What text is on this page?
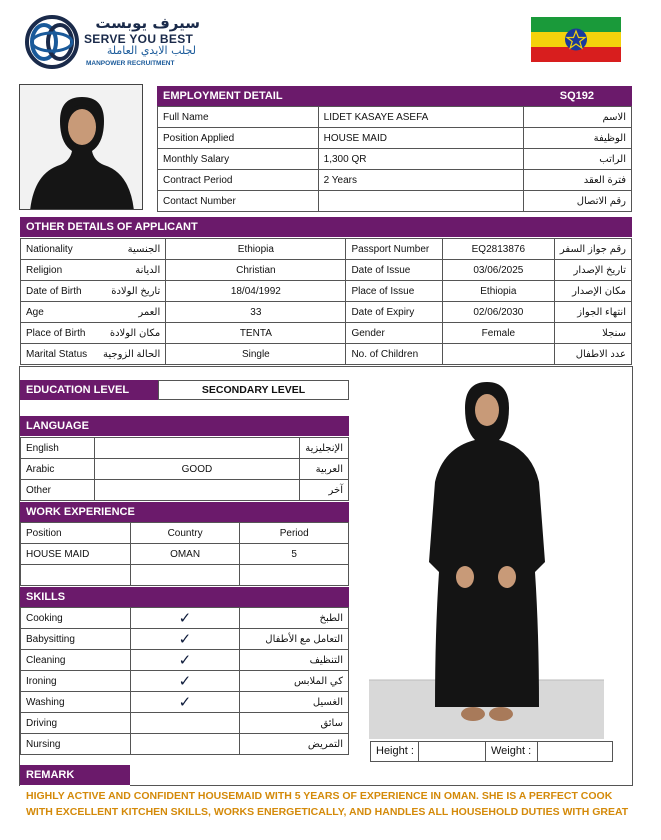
سيرف يوبست
SERVE YOU BEST
لجلب الايدي العاملة
MANPOWER RECRUITMENT
EMPLOYMENT DETAIL	SQ192
Full Name	LIDET KASAYE ASEFA	الاسم
Position Applied	HOUSE MAID	الوظيفة
Monthly Salary	1,300 QR	الراتب
Contract Period	2 Years	فترة العقد
Contact Number		رقم الاتصال
OTHER DETAILS OF APPLICANT
Nationality	الجنسية	Ethiopia	Passport Number	EQ2813876	رقم جواز السفر
Religion	الديانة	Christian	Date of Issue	03/06/2025	تاريخ الإصدار
Date of Birth	تاريخ الولادة	18/04/1992	Place of Issue	Ethiopia	مكان الإصدار
Age	العمر	33	Date of Expiry	02/06/2030	انتهاء الجواز
Place of Birth	مكان الولادة	TENTA	Gender	Female	سنجلا
Marital Status	الحالة الزوجية	Single	No. of Children		عدد الاطفال
EDUCATION LEVEL	SECONDARY LEVEL
LANGUAGE
English		الإنجليزية
Arabic	GOOD	العربية
Other		آخر
WORK EXPERIENCE
Position	Country	Period
HOUSE MAID	OMAN	5

SKILLS
Cooking	✓	الطبخ
Babysitting	✓	التعامل مع الأطفال
Cleaning	✓	التنظيف
Ironing	✓	كي الملابس
Washing	✓	الغسيل
Driving		سائق
Nursing		التمريض
Height :	Weight :
REMARK
HIGHLY ACTIVE AND CONFIDENT HOUSEMAID WITH 5 YEARS OF EXPERIENCE IN OMAN. SHE IS A PERFECT COOK
WITH EXCELLENT KITCHEN SKILLS, WORKS ENERGETICALLY, AND HANDLES ALL HOUSEHOLD DUTIES WITH GREAT
